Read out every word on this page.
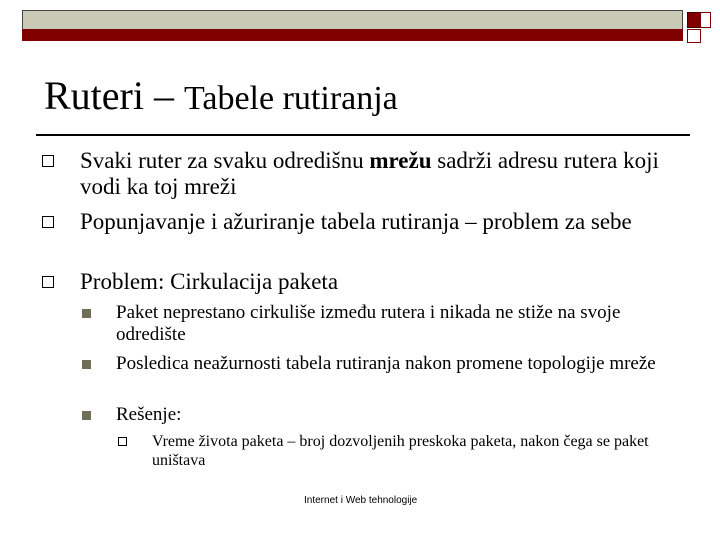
Ruteri – Tabele rutiranja

Svaki ruter za svaku odredišnu mrežu sadrži adresu rutera koji vodi ka toj mreži

Popunjavanje i ažuriranje tabela rutiranja – problem za sebe

Problem: Cirkulacija paketa

Paket neprestano cirkuliše između rutera i nikada ne stiže na svoje odredište

Posledica neažurnosti tabela rutiranja nakon promene topologije mreže

Rešenje:

Vreme života paketa – broj dozvoljenih preskoka paketa, nakon čega se paket uništava

Internet i Web tehnologije
